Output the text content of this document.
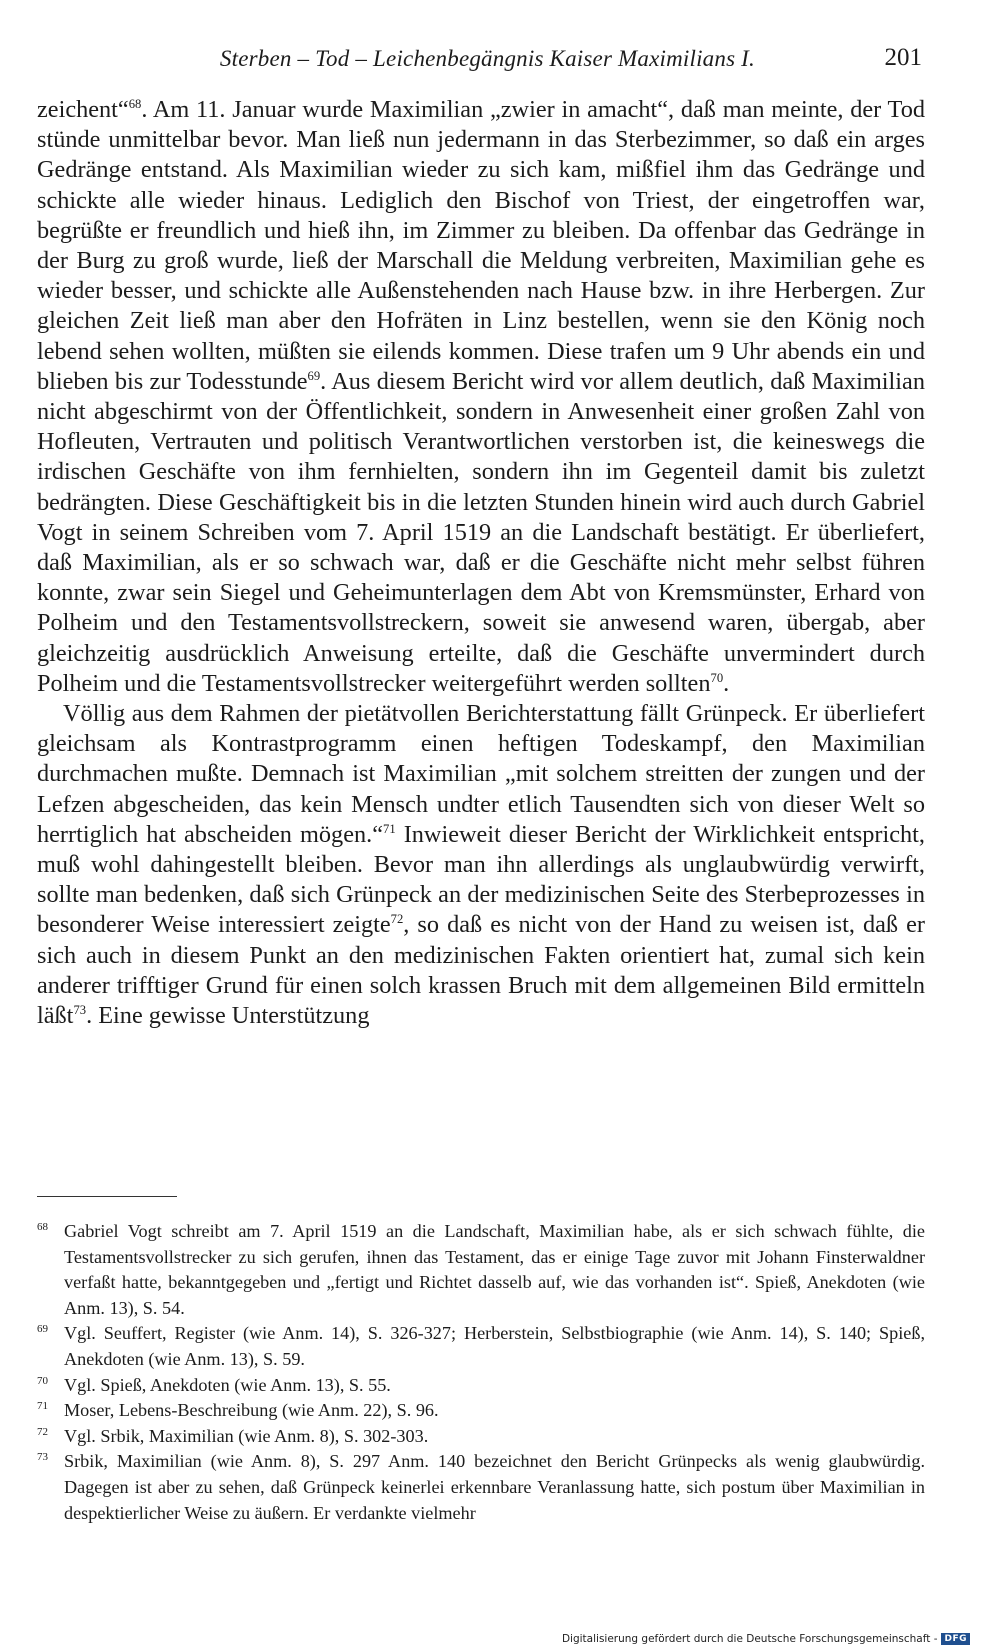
Sterben – Tod – Leichenbegängnis Kaiser Maximilians I.	201

zeichent“$^{68}$. Am 11. Januar wurde Maximilian „zwier in amacht“, daß man meinte, der Tod stünde unmittelbar bevor. Man ließ nun jedermann in das Sterbezimmer, so daß ein arges Gedränge entstand. Als Maximilian wieder zu sich kam, mißfiel ihm das Gedränge und schickte alle wieder hinaus. Lediglich den Bischof von Triest, der eingetroffen war, begrüßte er freundlich und hieß ihn, im Zimmer zu bleiben. Da offenbar das Gedränge in der Burg zu groß wurde, ließ der Marschall die Meldung verbreiten, Maximilian gehe es wieder besser, und schickte alle Außenstehenden nach Hause bzw. in ihre Herbergen. Zur gleichen Zeit ließ man aber den Hofräten in Linz bestellen, wenn sie den König noch lebend sehen wollten, müßten sie eilends kommen. Diese trafen um 9 Uhr abends ein und blieben bis zur Todesstunde$^{69}$. Aus diesem Bericht wird vor allem deutlich, daß Maximilian nicht abgeschirmt von der Öffentlichkeit, sondern in Anwesenheit einer großen Zahl von Hofleuten, Vertrauten und politisch Verantwortlichen verstorben ist, die keineswegs die irdischen Geschäfte von ihm fernhielten, sondern ihn im Gegenteil damit bis zuletzt bedrängten. Diese Geschäftigkeit bis in die letzten Stunden hinein wird auch durch Gabriel Vogt in seinem Schreiben vom 7. April 1519 an die Landschaft bestätigt. Er überliefert, daß Maximilian, als er so schwach war, daß er die Geschäfte nicht mehr selbst führen konnte, zwar sein Siegel und Geheimunterlagen dem Abt von Kremsmünster, Erhard von Polheim und den Testamentsvollstreckern, soweit sie anwesend waren, übergab, aber gleichzeitig ausdrücklich Anweisung erteilte, daß die Geschäfte unvermindert durch Polheim und die Testamentsvollstrecker weitergeführt werden sollten$^{70}$.

Völlig aus dem Rahmen der pietätvollen Berichterstattung fällt Grünpeck. Er überliefert gleichsam als Kontrastprogramm einen heftigen Todeskampf, den Maximilian durchmachen mußte. Demnach ist Maximilian „mit solchem streitten der zungen und der Lefzen abgescheiden, das kein Mensch undter etlich Tausendten sich von dieser Welt so herrtiglich hat abscheiden mögen.“$^{71}$ Inwieweit dieser Bericht der Wirklichkeit entspricht, muß wohl dahingestellt bleiben. Bevor man ihn allerdings als unglaubwürdig verwirft, sollte man bedenken, daß sich Grünpeck an der medizinischen Seite des Sterbeprozesses in besonderer Weise interessiert zeigte$^{72}$, so daß es nicht von der Hand zu weisen ist, daß er sich auch in diesem Punkt an den medizinischen Fakten orientiert hat, zumal sich kein anderer trifftiger Grund für einen solch krassen Bruch mit dem allgemeinen Bild ermitteln läßt$^{73}$. Eine gewisse Unterstützung

68 Gabriel Vogt schreibt am 7. April 1519 an die Landschaft, Maximilian habe, als er sich schwach fühlte, die Testamentsvollstrecker zu sich gerufen, ihnen das Testament, das er einige Tage zuvor mit Johann Finsterwaldner verfaßt hatte, bekanntgegeben und „fertigt und Richtet dasselb auf, wie das vorhanden ist“. Spieß, Anekdoten (wie Anm. 13), S. 54.
69 Vgl. Seuffert, Register (wie Anm. 14), S. 326-327; Herberstein, Selbstbiographie (wie Anm. 14), S. 140; Spieß, Anekdoten (wie Anm. 13), S. 59.
70 Vgl. Spieß, Anekdoten (wie Anm. 13), S. 55.
71 Moser, Lebens-Beschreibung (wie Anm. 22), S. 96.
72 Vgl. Srbik, Maximilian (wie Anm. 8), S. 302-303.
73 Srbik, Maximilian (wie Anm. 8), S. 297 Anm. 140 bezeichnet den Bericht Grünpecks als wenig glaubwürdig. Dagegen ist aber zu sehen, daß Grünpeck keinerlei erkennbare Veranlassung hatte, sich postum über Maximilian in despektierlicher Weise zu äußern. Er verdankte vielmehr
Digitalisierung gefördert durch die Deutsche Forschungsgemeinschaft - DFG
